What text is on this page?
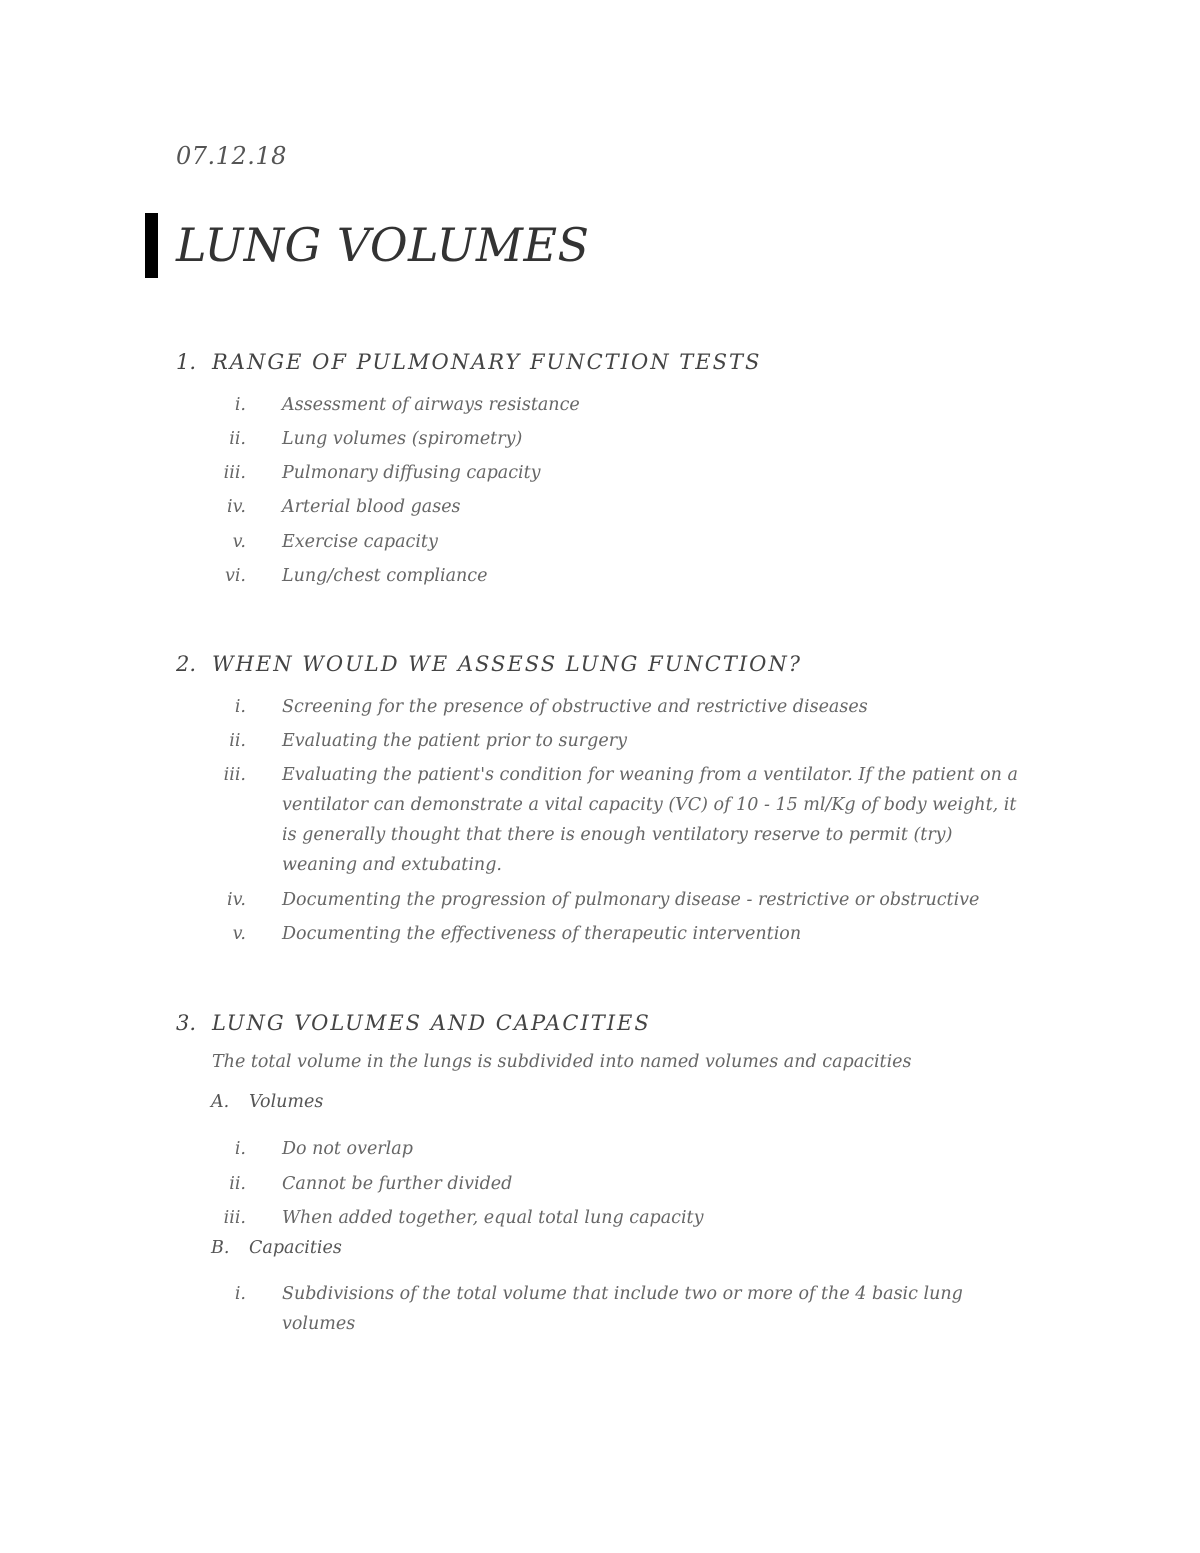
07.12.18
LUNG VOLUMES
1. RANGE OF PULMONARY FUNCTION TESTS
i. Assessment of airways resistance
ii. Lung volumes (spirometry)
iii. Pulmonary diffusing capacity
iv. Arterial blood gases
v. Exercise capacity
vi. Lung/chest compliance
2. WHEN WOULD WE ASSESS LUNG FUNCTION?
i. Screening for the presence of obstructive and restrictive diseases
ii. Evaluating the patient prior to surgery
iii. Evaluating the patient's condition for weaning from a ventilator. If the patient on a ventilator can demonstrate a vital capacity (VC) of 10 - 15 ml/Kg of body weight, it is generally thought that there is enough ventilatory reserve to permit (try) weaning and extubating.
iv. Documenting the progression of pulmonary disease - restrictive or obstructive
v. Documenting the effectiveness of therapeutic intervention
3. LUNG VOLUMES AND CAPACITIES
The total volume in the lungs is subdivided into named volumes and capacities
A. Volumes
i. Do not overlap
ii. Cannot be further divided
iii. When added together, equal total lung capacity
B. Capacities
i. Subdivisions of the total volume that include two or more of the 4 basic lung volumes
